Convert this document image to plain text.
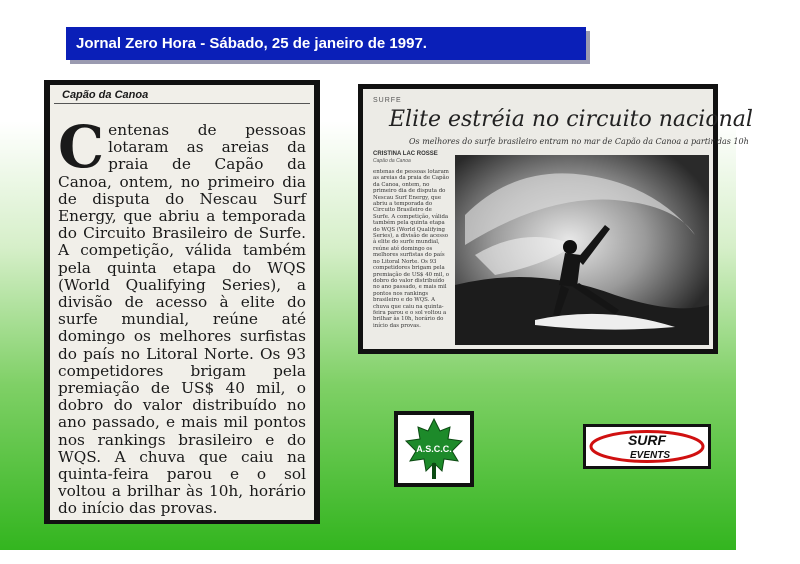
Jornal Zero Hora - Sábado, 25 de janeiro de 1997.
Capão da Canoa
Centenas de pessoas lotaram as areias da praia de Capão da Canoa, ontem, no primeiro dia de disputa do Nescau Surf Energy, que abriu a temporada do Circuito Brasileiro de Surfe. A competição, válida também pela quinta etapa do WQS (World Qualifying Series), a divisão de acesso à elite do surfe mundial, reúne até domingo os melhores surfistas do país no Litoral Norte. Os 93 competidores brigam pela premiação de US$ 40 mil, o dobro do valor distribuído no ano passado, e mais mil pontos nos rankings brasileiro e do WQS. A chuva que caiu na quinta-feira parou e o sol voltou a brilhar às 10h, horário do início das provas.
SURFE
Elite estréia no circuito nacional
Os melhores do surfe brasileiro entram no mar de Capão da Canoa a partir das 10h
CRISTINA LAC ROSSE
Capão da Canoa
entenas de pessoas lotaram as areias da praia de Capão da Canoa, ontem, no primeiro dia de disputa do Nescau Surf Energy, que abriu a temporada do Circuito Brasileiro de Surfe. A competição, válida também pela quinta etapa do WQS (World Qualifying Series), a divisão de acesso à elite do surfe mundial, reúne até domingo os melhores surfistas do país no Litoral Norte. Os 93 competidores brigam pela premiação de US$ 40 mil, o dobro do valor distribuído no ano passado, e mais mil pontos nos rankings brasileiro e do WQS. A chuva que caiu na quinta-feira parou e o sol voltou a brilhar às 10h, horário do início das provas.
A.S.C.C.
SURF
EVENTS
